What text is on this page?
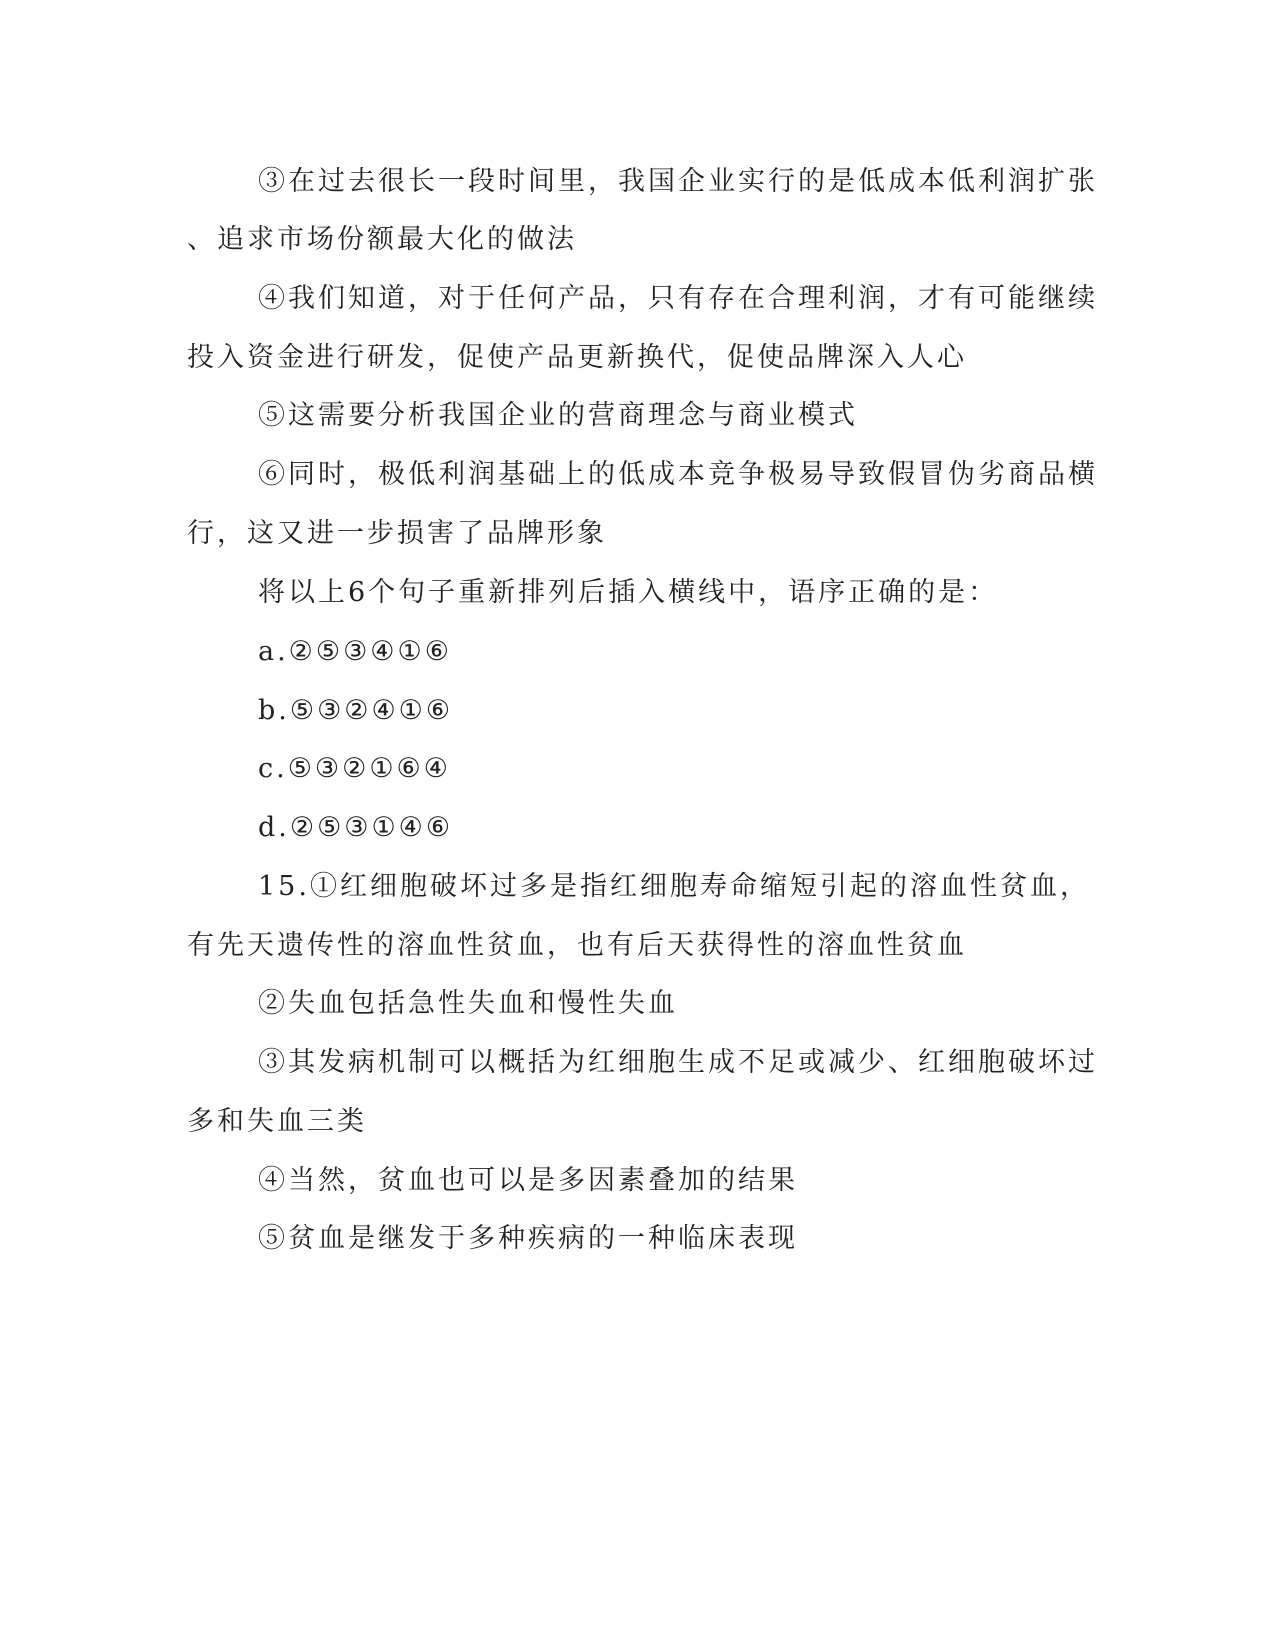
③在过去很长一段时间里，我国企业实行的是低成本低利润扩张
、追求市场份额最大化的做法
④我们知道，对于任何产品，只有存在合理利润，才有可能继续
投入资金进行研发，促使产品更新换代，促使品牌深入人心
⑤这需要分析我国企业的营商理念与商业模式
⑥同时，极低利润基础上的低成本竞争极易导致假冒伪劣商品横
行，这又进一步损害了品牌形象
将以上6个句子重新排列后插入横线中，语序正确的是：
a.②⑤③④①⑥
b.⑤③②④①⑥
c.⑤③②①⑥④
d.②⑤③①④⑥
15.①红细胞破坏过多是指红细胞寿命缩短引起的溶血性贫血，
有先天遗传性的溶血性贫血，也有后天获得性的溶血性贫血
②失血包括急性失血和慢性失血
③其发病机制可以概括为红细胞生成不足或减少、红细胞破坏过
多和失血三类
④当然，贫血也可以是多因素叠加的结果
⑤贫血是继发于多种疾病的一种临床表现
